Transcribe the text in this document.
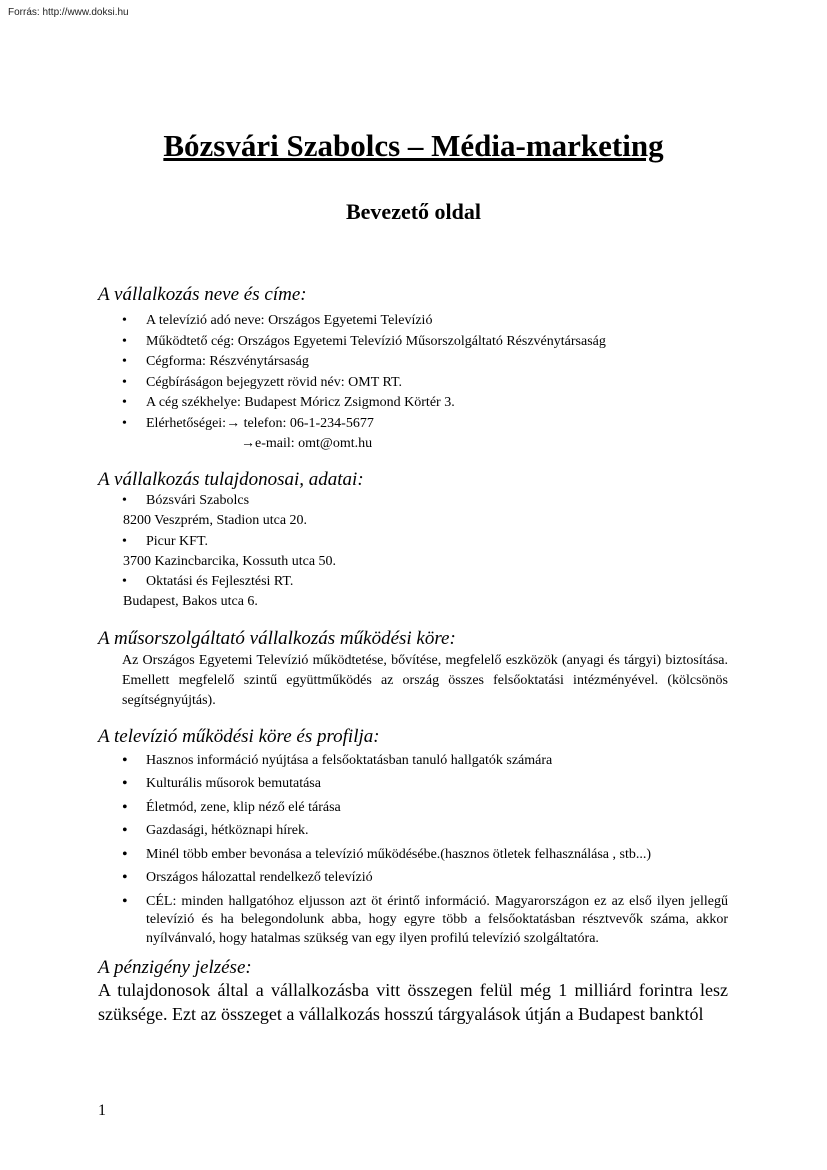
Forrás: http://www.doksi.hu
Bózsvári Szabolcs – Média-marketing
Bevezető oldal
A vállalkozás neve és címe:
• A televízió adó neve: Országos Egyetemi Televízió
• Működtető cég: Országos Egyetemi Televízió Műsorszolgáltató Részvénytársaság
• Cégforma: Részvénytársaság
• Cégbíráságon bejegyzett rövid név: OMT RT.
• A cég székhelye: Budapest Móricz Zsigmond Körtér 3.
• Elérhetőségei:→ telefon: 06-1-234-5677
→e-mail: omt@omt.hu
A vállalkozás tulajdonosai, adatai:
• Bózsvári Szabolcs
8200 Veszprém, Stadion utca 20.
• Picur KFT.
3700 Kazincbarcika, Kossuth utca 50.
• Oktatási és Fejlesztési RT.
Budapest, Bakos utca 6.
A műsorszolgáltató vállalkozás működési köre:
Az Országos Egyetemi Televízió működtetése, bővítése, megfelelő eszközök (anyagi és tárgyi) biztosítása. Emellett megfelelő szintű együttműködés az ország összes felsőoktatási intézményével. (kölcsönös segítségnyújtás).
A televízió működési köre és profilja:
• Hasznos információ nyújtása a felsőoktatásban tanuló hallgatók számára
• Kulturális műsorok bemutatása
• Életmód, zene, klip néző elé tárása
• Gazdasági, hétköznapi hírek.
• Minél több ember bevonása a televízió működésébe.(hasznos ötletek felhasználása , stb...)
• Országos hálozattal rendelkező televízió
• CÉL: minden hallgatóhoz eljusson azt öt érintő információ. Magyarországon ez az első ilyen jellegű televízió és ha belegondolunk abba, hogy egyre több a felsőoktatásban résztvevők száma, akkor nyílvánvaló, hogy hatalmas szükség van egy ilyen profilú televízió szolgáltatóra.
A pénzigény jelzése:
A tulajdonosok által a vállalkozásba vitt összegen felül még 1 milliárd forintra lesz szüksége. Ezt az összeget a vállalkozás hosszú tárgyalások útján a Budapest banktól
1
